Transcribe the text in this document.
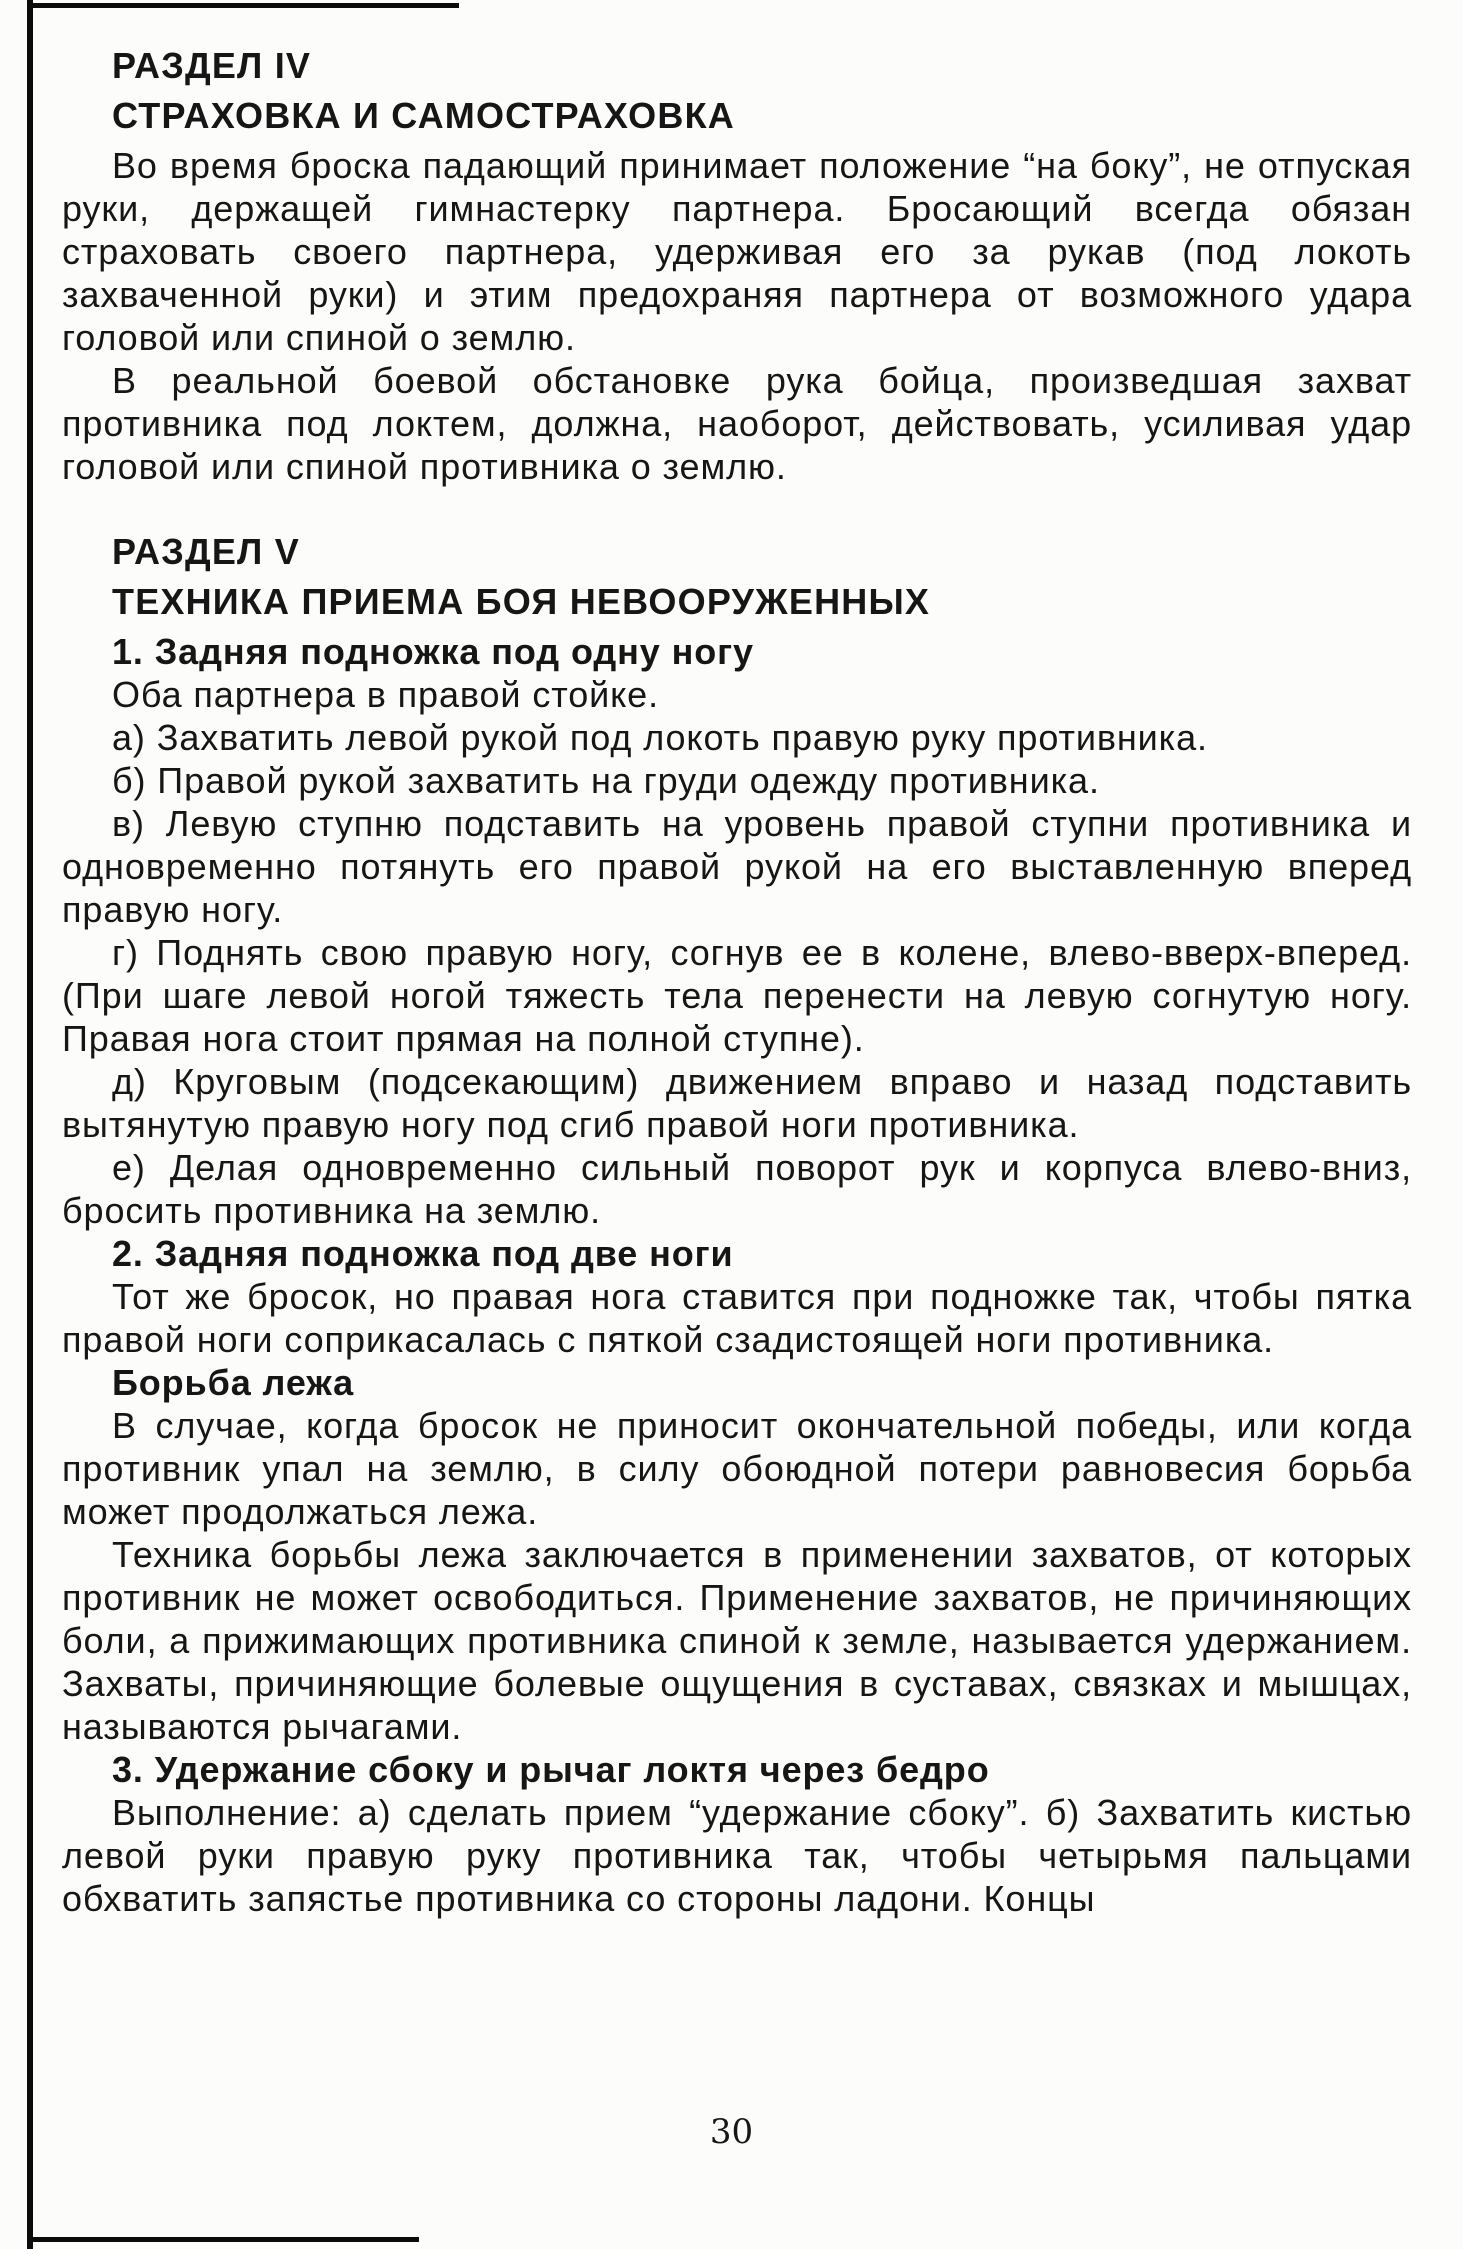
РАЗДЕЛ IV

СТРАХОВКА И САМОСТРАХОВКА

Во время броска падающий принимает положение “на боку”, не отпуская руки, держащей гимнастерку партнера. Бросающий всегда обязан страховать своего партнера, удерживая его за рукав (под локоть захваченной руки) и этим предохраняя партнера от возможного удара головой или спиной о землю.

В реальной боевой обстановке рука бойца, произведшая захват противника под локтем, должна, наоборот, действовать, усиливая удар головой или спиной противника о землю.

РАЗДЕЛ V

ТЕХНИКА ПРИЕМА БОЯ НЕВООРУЖЕННЫХ

1. Задняя подножка под одну ногу

Оба партнера в правой стойке.

а) Захватить левой рукой под локоть правую руку противника.

б) Правой рукой захватить на груди одежду противника.

в) Левую ступню подставить на уровень правой ступни противника и одновременно потянуть его правой рукой на его выставленную вперед правую ногу.

г) Поднять свою правую ногу, согнув ее в колене, влево-вверх-вперед. (При шаге левой ногой тяжесть тела перенести на левую согнутую ногу. Правая нога стоит прямая на полной ступне).

д) Круговым (подсекающим) движением вправо и назад подставить вытянутую правую ногу под сгиб правой ноги противника.

е) Делая одновременно сильный поворот рук и корпуса влево-вниз, бросить противника на землю.

2. Задняя подножка под две ноги

Тот же бросок, но правая нога ставится при подножке так, чтобы пятка правой ноги соприкасалась с пяткой сзадистоящей ноги противника.

Борьба лежа

В случае, когда бросок не приносит окончательной победы, или когда противник упал на землю, в силу обоюдной потери равновесия борьба может продолжаться лежа.

Техника борьбы лежа заключается в применении захватов, от которых противник не может освободиться. Применение захватов, не причиняющих боли, а прижимающих противника спиной к земле, называется удержанием. Захваты, причиняющие болевые ощущения в суставах, связках и мышцах, называются рычагами.

3. Удержание сбоку и рычаг локтя через бедро

Выполнение: а) сделать прием “удержание сбоку”. б) Захватить кистью левой руки правую руку противника так, чтобы четырьмя пальцами обхватить запястье противника со стороны ладони. Концы

30
